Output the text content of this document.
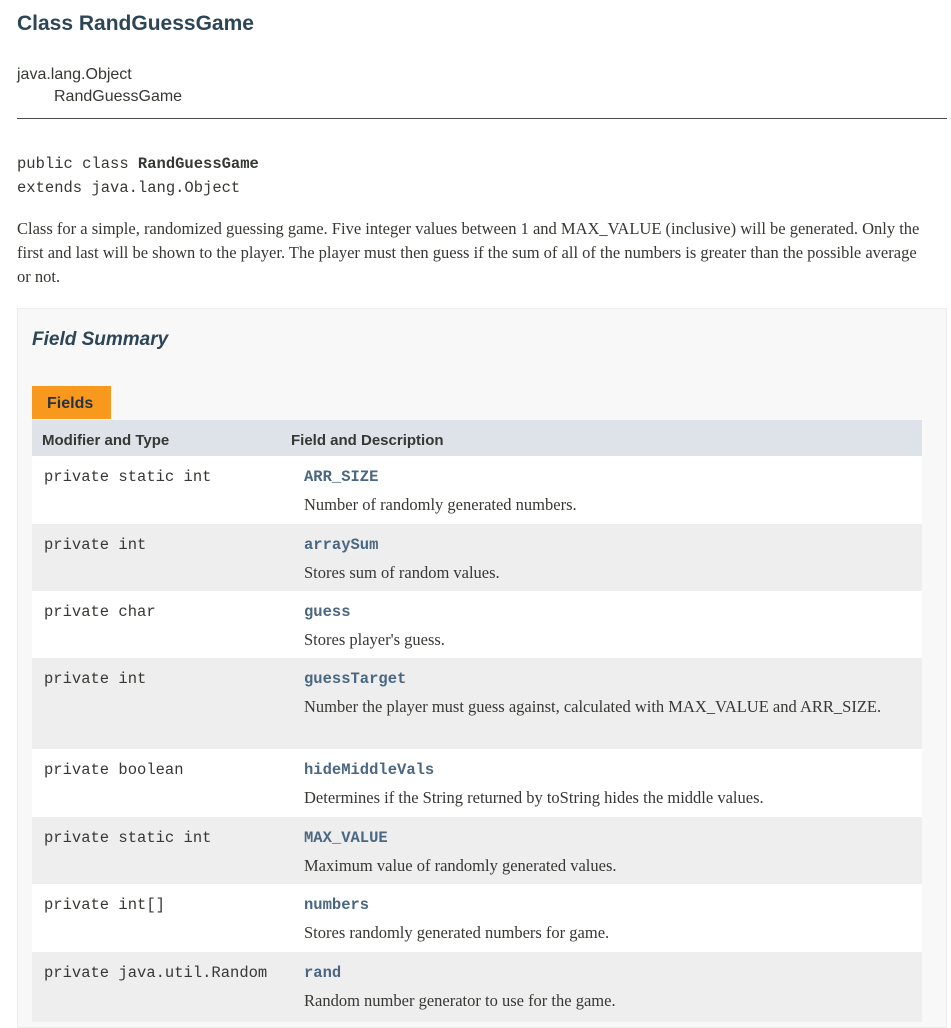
Class RandGuessGame
java.lang.Object
RandGuessGame
public class RandGuessGame
extends java.lang.Object
Class for a simple, randomized guessing game. Five integer values between 1 and MAX_VALUE (inclusive) will be generated. Only the first and last will be shown to the player. The player must then guess if the sum of all of the numbers is greater than the possible average or not.
Field Summary
Fields
Modifier and Type	Field and Description
private static int	ARR_SIZE
Number of randomly generated numbers.
private int	arraySum
Stores sum of random values.
private char	guess
Stores player's guess.
private int	guessTarget
Number the player must guess against, calculated with MAX_VALUE and ARR_SIZE.
private boolean	hideMiddleVals
Determines if the String returned by toString hides the middle values.
private static int	MAX_VALUE
Maximum value of randomly generated values.
private int[]	numbers
Stores randomly generated numbers for game.
private java.util.Random	rand
Random number generator to use for the game.
